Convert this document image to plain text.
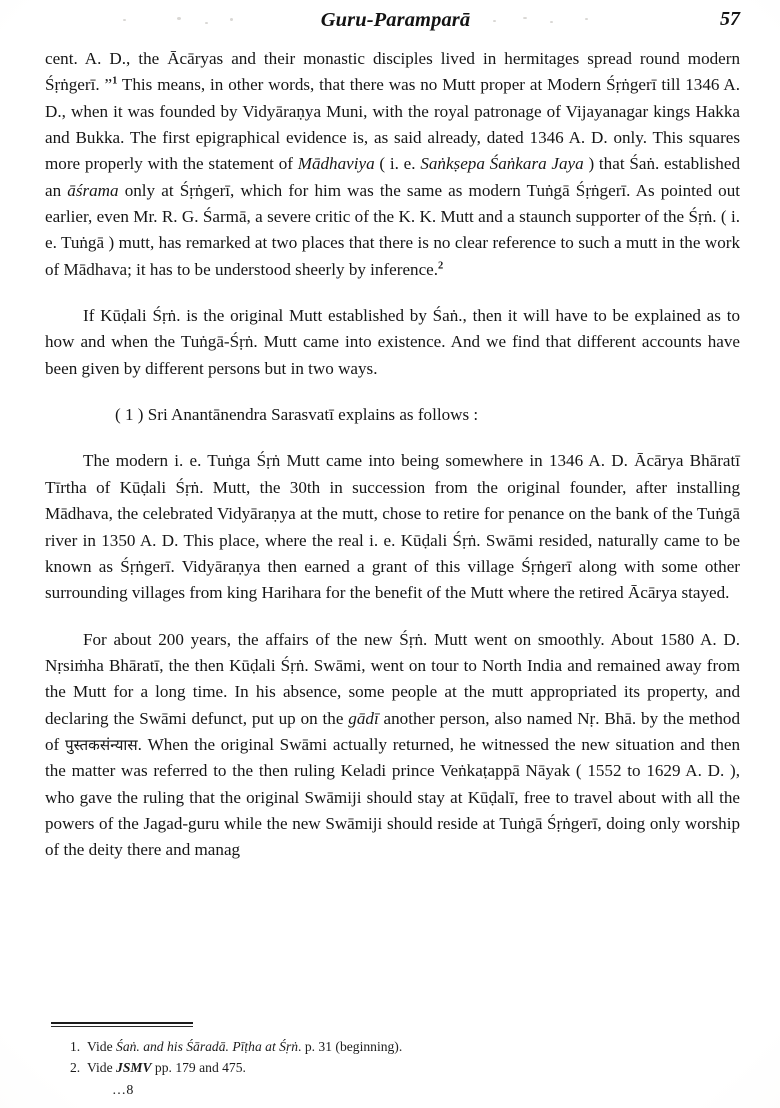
Guru-Paramparā	57

cent. A. D., the Ācāryas and their monastic disciples lived in hermitages spread round modern Śṛṅgerī. ”$^1$ This means, in other words, that there was no Mutt proper at Modern Śṛṅgerī till 1346 A. D., when it was founded by Vidyāraṇya Muni, with the royal patronage of Vijayanagar kings Hakka and Bukka. The first epigraphical evidence is, as said already, dated 1346 A. D. only. This squares more properly with the statement of Mādhaviya ( i. e. Saṅkṣepa Śaṅkara Jaya ) that Śaṅ. established an āśrama only at Śṛṅgerī, which for him was the same as modern Tuṅgā Śṛṅgerī. As pointed out earlier, even Mr. R. G. Śarmā, a severe critic of the K. K. Mutt and a staunch supporter of the Śṛṅ. ( i. e. Tuṅgā ) mutt, has remarked at two places that there is no clear reference to such a mutt in the work of Mādhava; it has to be understood sheerly by inference.$^2$

If Kūḍali Śṛṅ. is the original Mutt established by Śaṅ., then it will have to be explained as to how and when the Tuṅgā-Śṛṅ. Mutt came into existence. And we find that different accounts have been given by different persons but in two ways.

( 1 ) Sri Anantānendra Sarasvatī explains as follows :

The modern i. e. Tuṅga Śṛṅ Mutt came into being somewhere in 1346 A. D. Ācārya Bhāratī Tīrtha of Kūḍali Śṛṅ. Mutt, the 30th in succession from the original founder, after installing Mādhava, the celebrated Vidyāraṇya at the mutt, chose to retire for penance on the bank of the Tuṅgā river in 1350 A. D. This place, where the real i. e. Kūḍali Śṛṅ. Swāmi resided, naturally came to be known as Śṛṅgerī. Vidyāraṇya then earned a grant of this village Śṛṅgerī along with some other surrounding villages from king Harihara for the benefit of the Mutt where the retired Ācārya stayed.

For about 200 years, the affairs of the new Śṛṅ. Mutt went on smoothly. About 1580 A. D. Nṛsiṁha Bhāratī, the then Kūḍali Śṛṅ. Swāmi, went on tour to North India and remained away from the Mutt for a long time. In his absence, some people at the mutt appropriated its property, and declaring the Swāmi defunct, put up on the gādī another person, also named Nṛ. Bhā. by the method of पुस्तकसंन्यास. When the original Swāmi actually returned, he witnessed the new situation and then the matter was referred to the then ruling Keladi prince Veṅkaṭappā Nāyak ( 1552 to 1629 A. D. ), who gave the ruling that the original Swāmiji should stay at Kūḍalī, free to travel about with all the powers of the Jagad-guru while the new Swāmiji should reside at Tuṅgā Śṛṅgerī, doing only worship of the deity there and manag

1. Vide Śaṅ. and his Śāradā. Pīṭha at Śṛṅ. p. 31 (beginning).
2. Vide JSMV pp. 179 and 475.
…8
